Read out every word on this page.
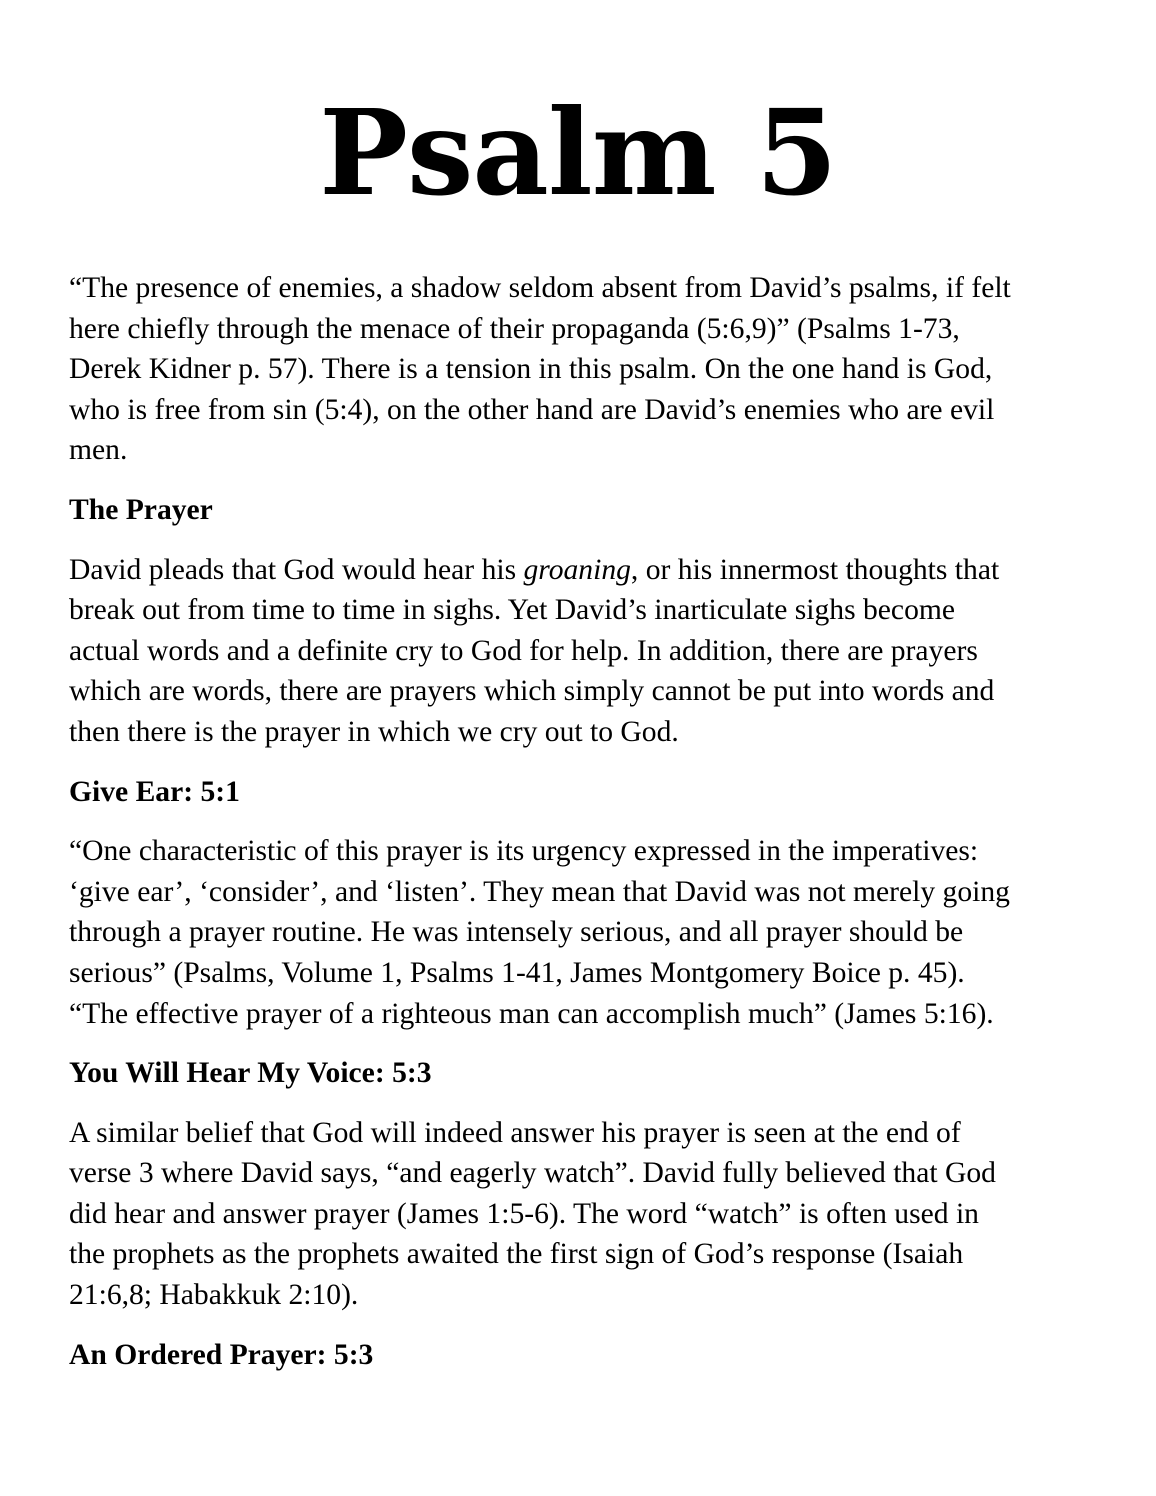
Psalm 5

“The presence of enemies, a shadow seldom absent from David’s psalms, if felt
here chiefly through the menace of their propaganda (5:6,9)” (Psalms 1-73,
Derek Kidner p. 57). There is a tension in this psalm. On the one hand is God,
who is free from sin (5:4), on the other hand are David’s enemies who are evil
men.

The Prayer

David pleads that God would hear his groaning, or his innermost thoughts that
break out from time to time in sighs. Yet David’s inarticulate sighs become
actual words and a definite cry to God for help. In addition, there are prayers
which are words, there are prayers which simply cannot be put into words and
then there is the prayer in which we cry out to God.

Give Ear: 5:1

“One characteristic of this prayer is its urgency expressed in the imperatives:
‘give ear’, ‘consider’, and ‘listen’. They mean that David was not merely going
through a prayer routine. He was intensely serious, and all prayer should be
serious” (Psalms, Volume 1, Psalms 1-41, James Montgomery Boice p. 45).
“The effective prayer of a righteous man can accomplish much” (James 5:16).

You Will Hear My Voice: 5:3

A similar belief that God will indeed answer his prayer is seen at the end of
verse 3 where David says, “and eagerly watch”. David fully believed that God
did hear and answer prayer (James 1:5-6). The word “watch” is often used in
the prophets as the prophets awaited the first sign of God’s response (Isaiah
21:6,8; Habakkuk 2:10).

An Ordered Prayer: 5:3
